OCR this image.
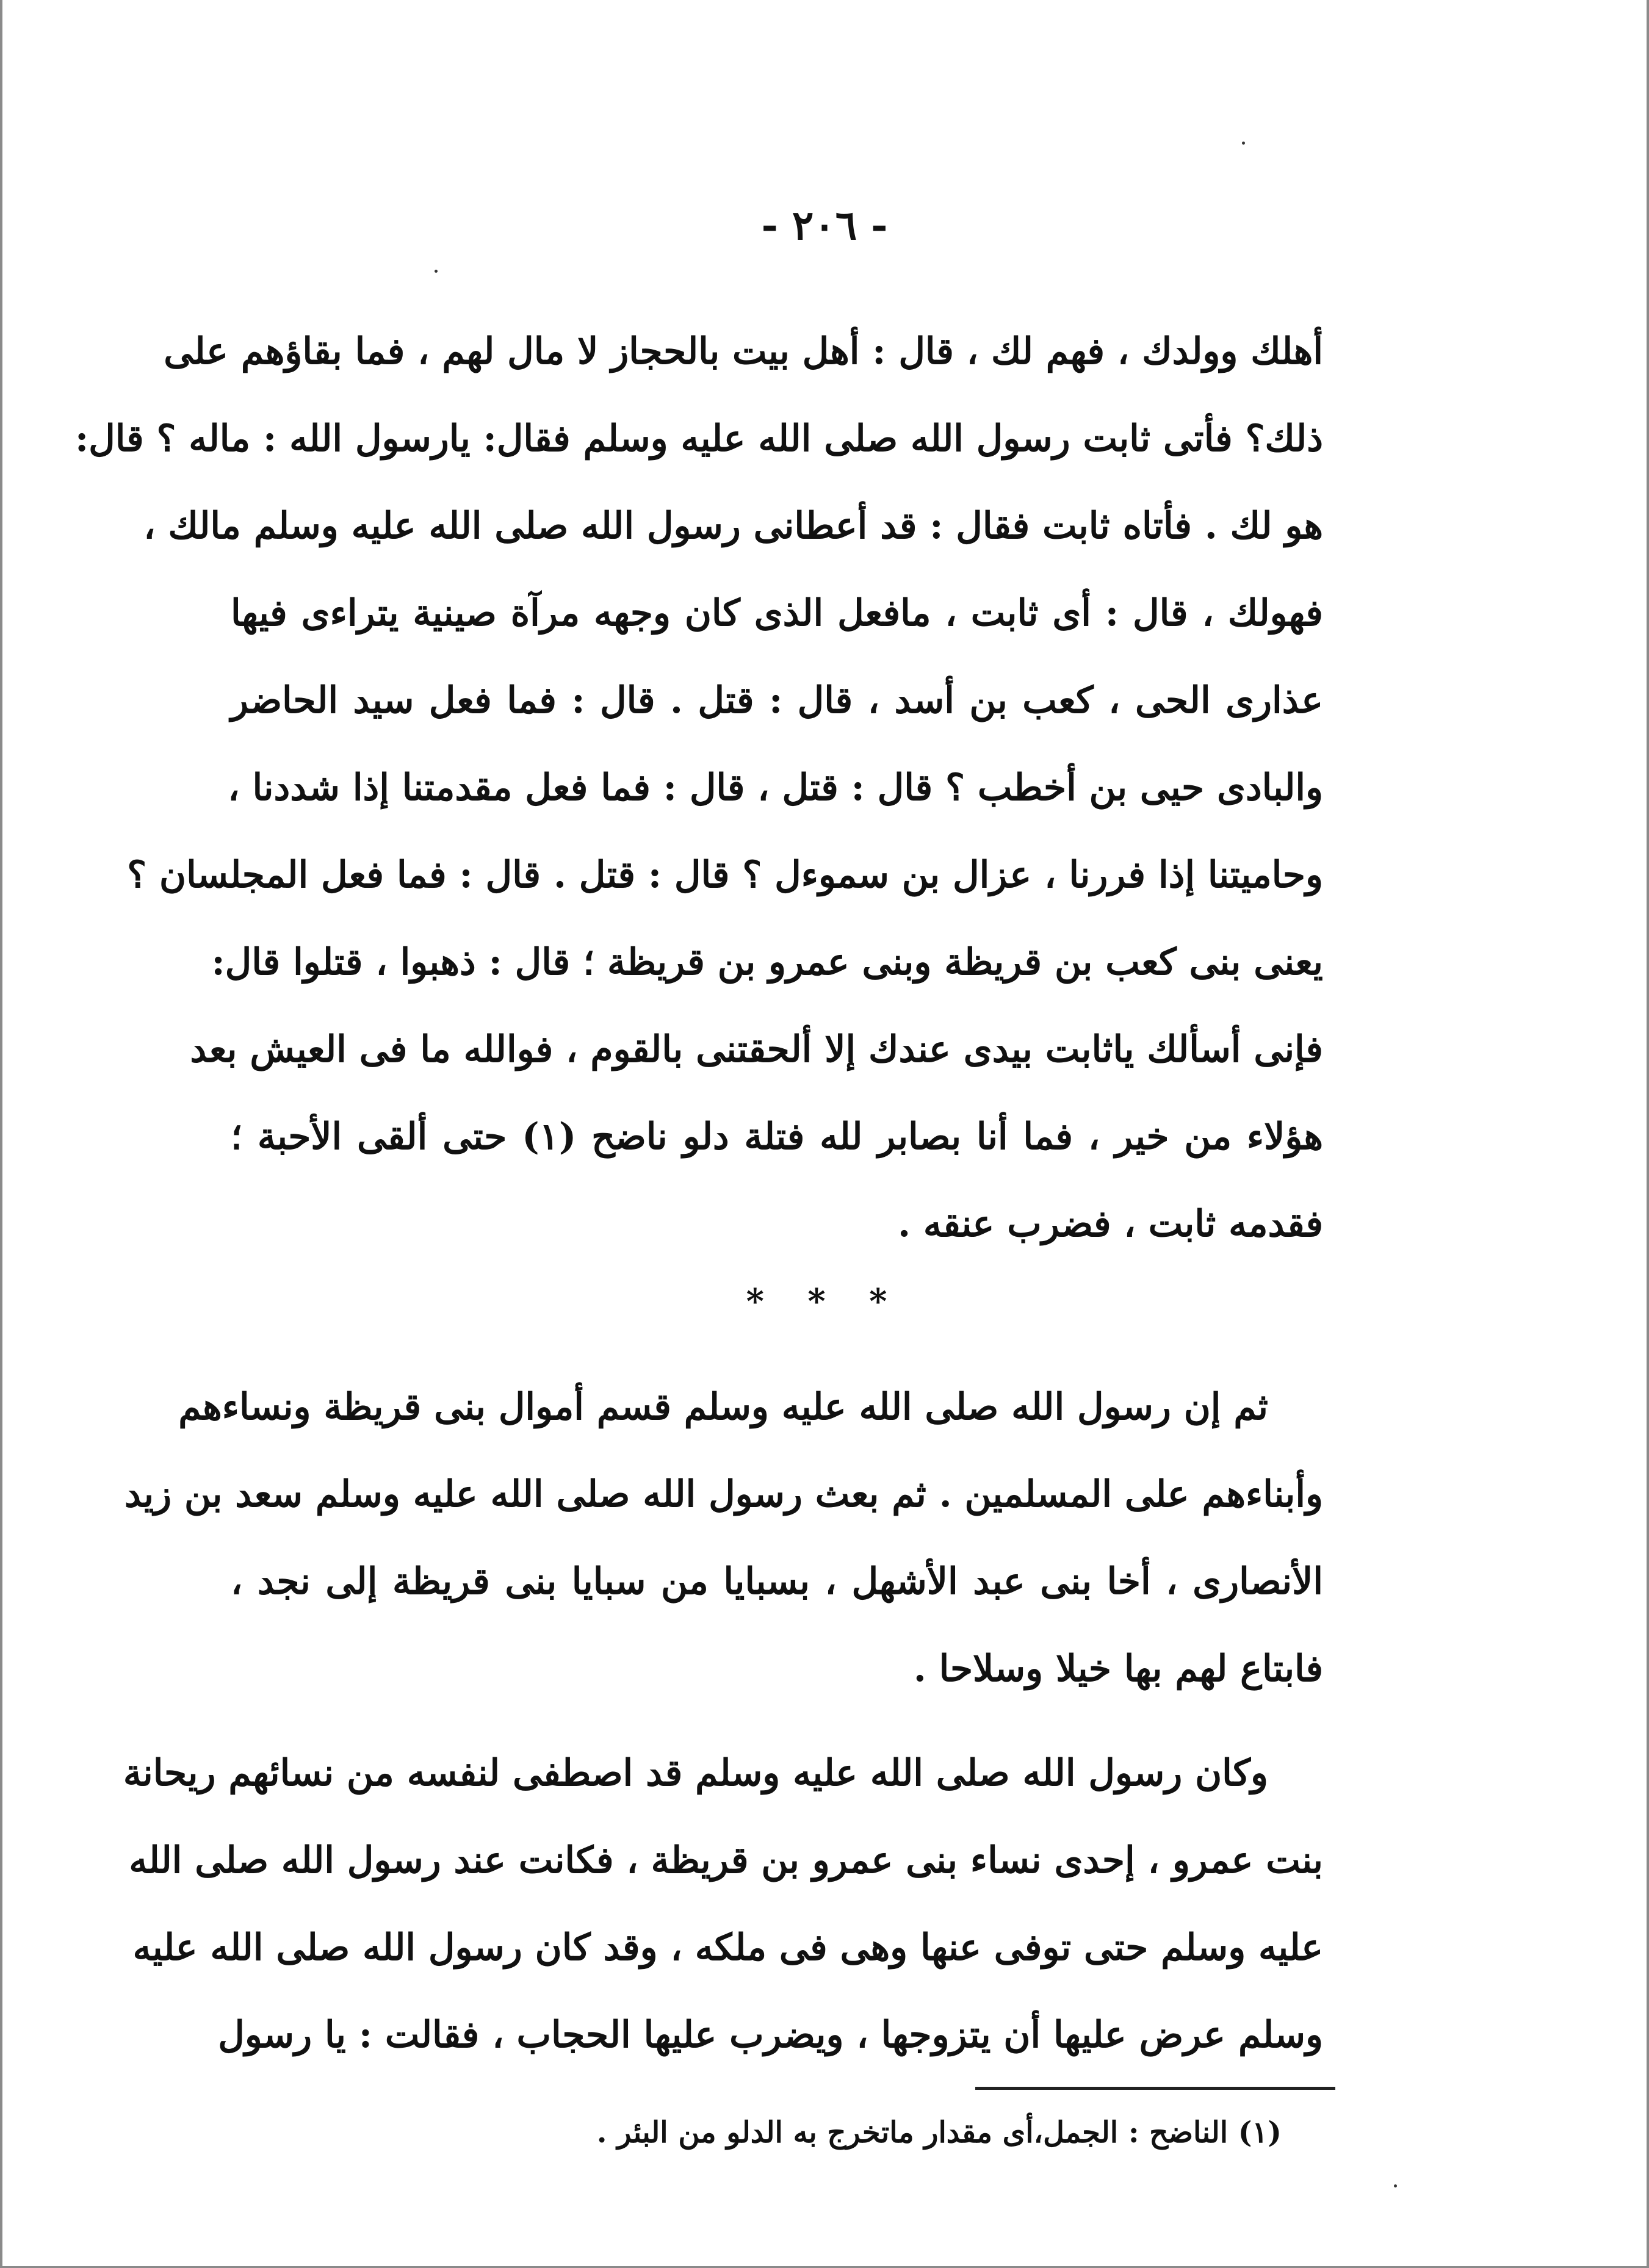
- ٢٠٦ -
أهلك وولدك ، فهم لك ، قال : أهل بيت بالحجاز لا مال لهم ، فما بقاؤهم على
ذلك؟ فأتى ثابت رسول الله صلى الله عليه وسلم فقال: يارسول الله : ماله ؟ قال:
هو لك . فأتاه ثابت فقال : قد أعطانى رسول الله صلى الله عليه وسلم مالك ،
فهولك ، قال : أى ثابت ، مافعل الذى كان وجهه مرآة صينية يتراءى فيها
عذارى الحى ، كعب بن أسد ، قال : قتل . قال : فما فعل سيد الحاضر
والبادى حيى بن أخطب ؟ قال : قتل ، قال : فما فعل مقدمتنا إذا شددنا ،
وحاميتنا إذا فررنا ، عزال بن سموءل ؟ قال : قتل . قال : فما فعل المجلسان ؟
يعنى بنى كعب بن قريظة وبنى عمرو بن قريظة ؛ قال : ذهبوا ، قتلوا قال:
فإنى أسألك ياثابت بيدى عندك إلا ألحقتنى بالقوم ، فوالله ما فى العيش بعد
هؤلاء من خير ، فما أنا بصابر لله فتلة دلو ناضح (١) حتى ألقى الأحبة ؛
فقدمه ثابت ، فضرب عنقه .
* * *
ثم إن رسول الله صلى الله عليه وسلم قسم أموال بنى قريظة ونساءهم
وأبناءهم على المسلمين . ثم بعث رسول الله صلى الله عليه وسلم سعد بن زيد
الأنصارى ، أخا بنى عبد الأشهل ، بسبايا من سبايا بنى قريظة إلى نجد ،
فابتاع لهم بها خيلا وسلاحا .
وكان رسول الله صلى الله عليه وسلم قد اصطفى لنفسه من نسائهم ريحانة
بنت عمرو ، إحدى نساء بنى عمرو بن قريظة ، فكانت عند رسول الله صلى الله
عليه وسلم حتى توفى عنها وهى فى ملكه ، وقد كان رسول الله صلى الله عليه
وسلم عرض عليها أن يتزوجها ، ويضرب عليها الحجاب ، فقالت : يا رسول
(١) الناضح : الجمل،أى مقدار ماتخرج به الدلو من البئر .
